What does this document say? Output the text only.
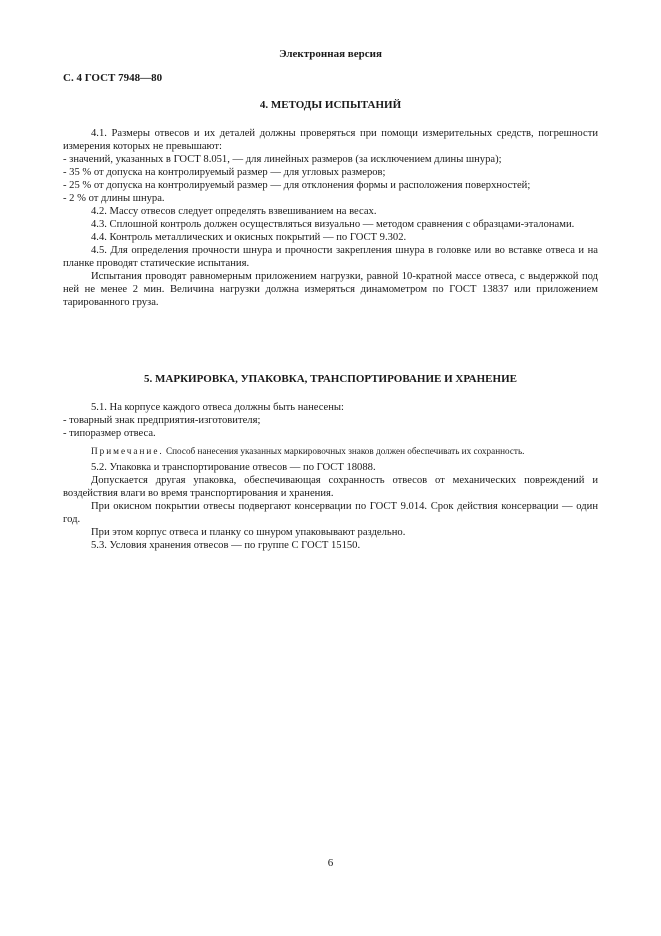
Электронная версия
С. 4 ГОСТ 7948—80
4. МЕТОДЫ ИСПЫТАНИЙ

4.1. Размеры отвесов и их деталей должны проверяться при помощи измерительных средств, погрешности измерения которых не превышают:

- значений, указанных в ГОСТ 8.051, — для линейных размеров (за исключением длины шнура);

- 35 % от допуска на контролируемый размер — для угловых размеров;

- 25 % от допуска на контролируемый размер — для отклонения формы и расположения поверхностей;

- 2 % от длины шнура.

4.2. Массу отвесов следует определять взвешиванием на весах.

4.3. Сплошной контроль должен осуществляться визуально — методом сравнения с образцами-эталонами.

4.4. Контроль металлических и окисных покрытий — по ГОСТ 9.302.

4.5. Для определения прочности шнура и прочности закрепления шнура в головке или во вставке отвеса и на планке проводят статические испытания.

Испытания проводят равномерным приложением нагрузки, равной 10-кратной массе отвеса, с выдержкой под ней не менее 2 мин. Величина нагрузки должна измеряться динамометром по ГОСТ 13837 или приложением тарированного груза.

5. МАРКИРОВКА, УПАКОВКА, ТРАНСПОРТИРОВАНИЕ И ХРАНЕНИЕ

5.1. На корпусе каждого отвеса должны быть нанесены:

- товарный знак предприятия-изготовителя;

- типоразмер отвеса.

Примечание. Способ нанесения указанных маркировочных знаков должен обеспечивать их сохранность.

5.2. Упаковка и транспортирование отвесов — по ГОСТ 18088.

Допускается другая упаковка, обеспечивающая сохранность отвесов от механических повреждений и воздействия влаги во время транспортирования и хранения.

При окисном покрытии отвесы подвергают консервации по ГОСТ 9.014. Срок действия консервации — один год.

При этом корпус отвеса и планку со шнуром упаковывают раздельно.

5.3. Условия хранения отвесов — по группе С ГОСТ 15150.

6
